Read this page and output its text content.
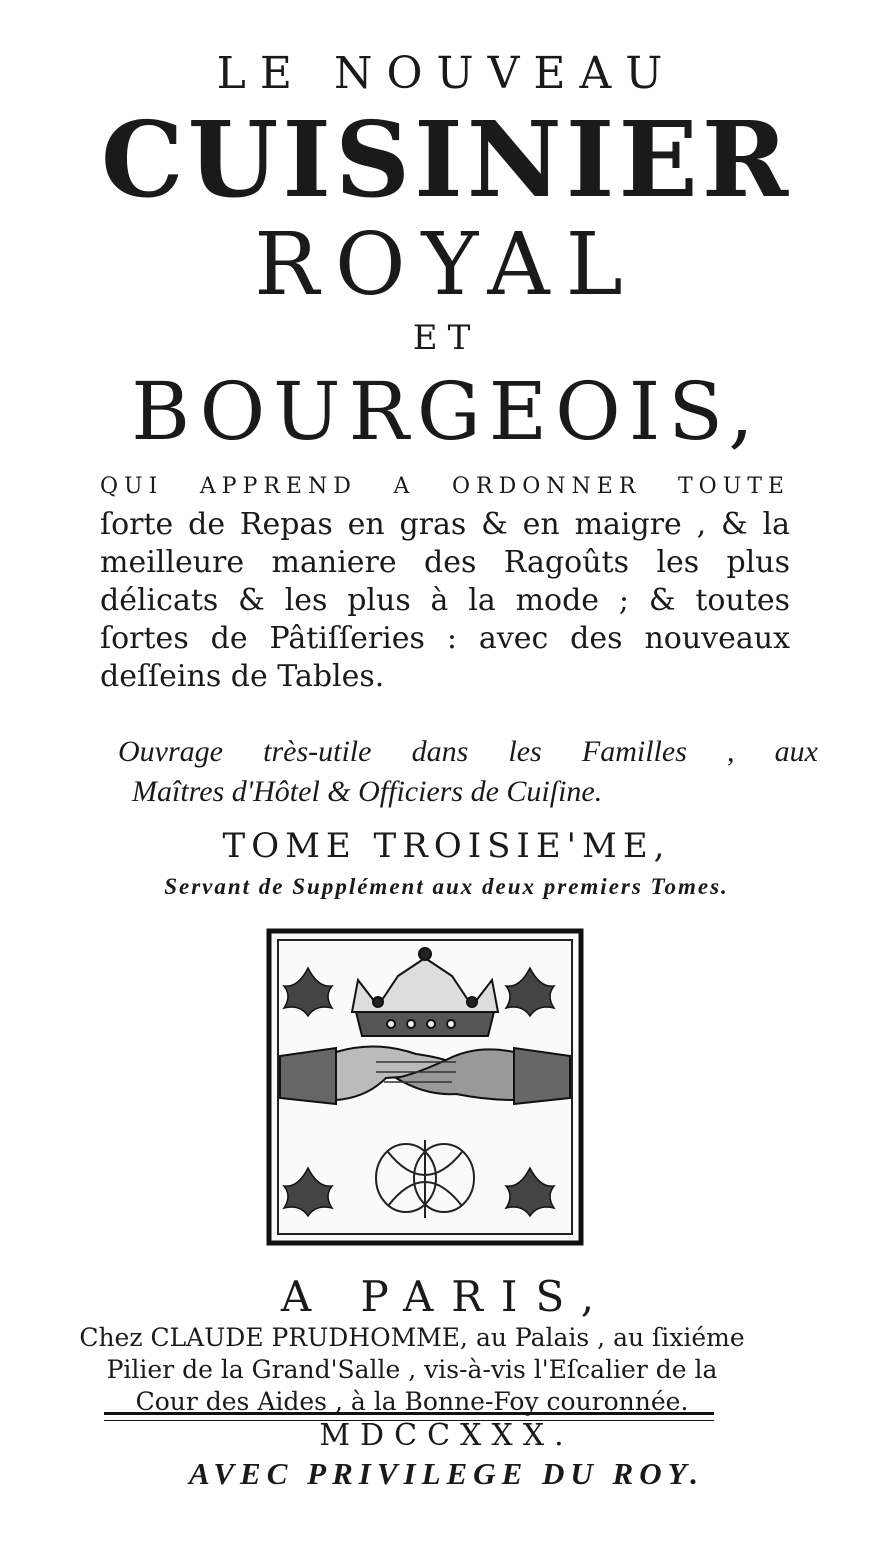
LE NOUVEAU
CUISINIER
ROYAL
ET
BOURGEOIS,
QUI APPREND A ORDONNER TOUTE
ſorte de Repas en gras & en maigre , & la
meilleure maniere des Ragoûts les plus
délicats & les plus à la mode ; & toutes
ſortes de Pâtiſſeries : avec des nouveaux
deſſeins de Tables.
Ouvrage très-utile dans les Familles , aux
Maîtres d'Hôtel & Officiers de Cuiſine.
TOME TROISIE'ME,
Servant de Supplément aux deux premiers Tomes.
A PARIS,
Chez CLAUDE PRUDHOMME, au Palais , au ſixiéme
Pilier de la Grand'Salle , vis-à-vis l'Eſcalier de la
Cour des Aides , à la Bonne-Foy couronnée.
MDCCXXX.
AVEC PRIVILEGE DU ROY.
